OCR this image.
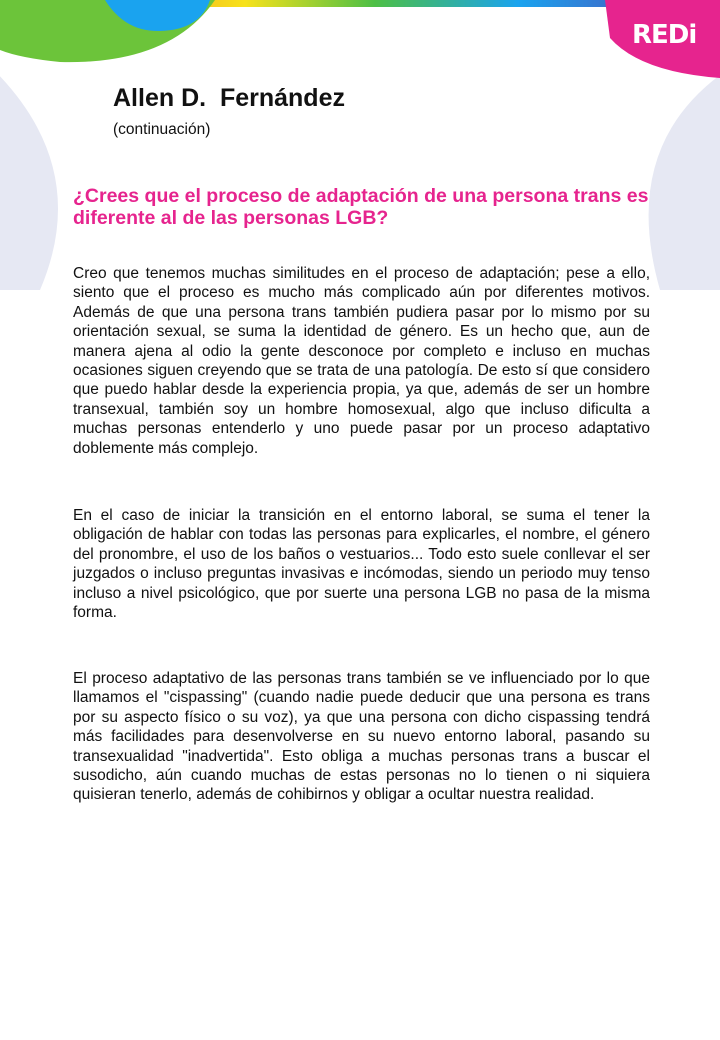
REDi
Allen D.  Fernández
(continuación)
¿Crees que el proceso de adaptación de una persona trans es diferente al de las personas LGB?

Creo que tenemos muchas similitudes en el proceso de adaptación; pese a ello, siento que el proceso es mucho más complicado aún por diferentes motivos. Además de que una persona trans también pudiera pasar por lo mismo por su orientación sexual, se suma la identidad de género. Es un hecho que, aun de manera ajena al odio la gente desconoce por completo e incluso en muchas ocasiones siguen creyendo que se trata de una patología. De esto sí que considero que puedo hablar desde la experiencia propia, ya que, además de ser un hombre transexual, también soy un hombre homosexual, algo que incluso dificulta a muchas personas entenderlo y uno puede pasar por un proceso adaptativo doblemente más complejo.

En el caso de iniciar la transición en el entorno laboral, se suma el tener la obligación de hablar con todas las personas para explicarles, el nombre, el género del pronombre, el uso de los baños o vestuarios... Todo esto suele conllevar el ser juzgados o incluso preguntas invasivas e incómodas, siendo un periodo muy tenso incluso a nivel psicológico, que por suerte una persona LGB no pasa de la misma forma.

El proceso adaptativo de las personas trans también se ve influenciado por lo que llamamos el "cispassing" (cuando nadie puede deducir que una persona es trans por su aspecto físico o su voz), ya que una persona con dicho cispassing tendrá más facilidades para desenvolverse en su nuevo entorno laboral, pasando su transexualidad "inadvertida". Esto obliga a muchas personas trans a buscar el susodicho, aún cuando muchas de estas personas no lo tienen o ni siquiera quisieran tenerlo, además de cohibirnos y obligar a ocultar nuestra realidad.
